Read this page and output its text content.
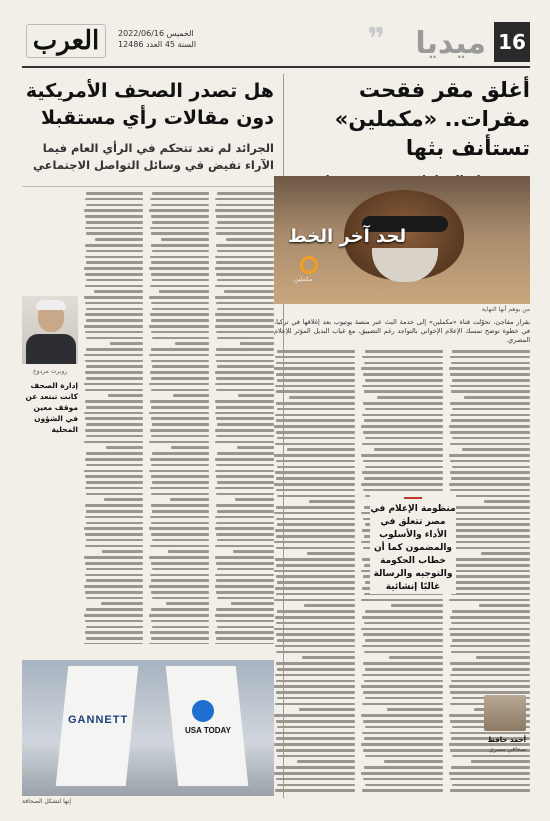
16
ميديا
❞
العرب	الخميس 2022/06/16
السنة 45 العدد 12486
أغلق مقر فقحت مقرات.. «مكملين» تستأنف بثها
لحد آخر الخط
مكملين
من يوهم أنها النهاية
بقرار مفاجئ، تحوّلت قناة «مكملين» إلى خدمة البث عبر منصة يوتيوب بعد إغلاقها في تركيا، في خطوة توضح تمسك الإعلام الإخواني بالتواجد رغم التضييق، مع غياب البديل المؤثر للإعلام المصري.
منظومة الإعلام في مصر تتعلق في الأداء والأسلوب والمضمون كما أن خطاب الحكومة والتوجيه والرسالة غالبًا إنشائية
أحمد حافظ
صحافي مصري
هل تصدر الصحف الأمريكية دون مقالات رأي مستقبلا
الجرائد لم تعد تتحكم في الرأي العام فيما الآراء تفيض في وسائل التواصل الاجتماعي
روبرت مردوخ
إدارة الصحف كانت تبتعد عن موقف معين في الشؤون المحلية
GANNETT
USA TODAY
إنها لتشكل الصحافة
